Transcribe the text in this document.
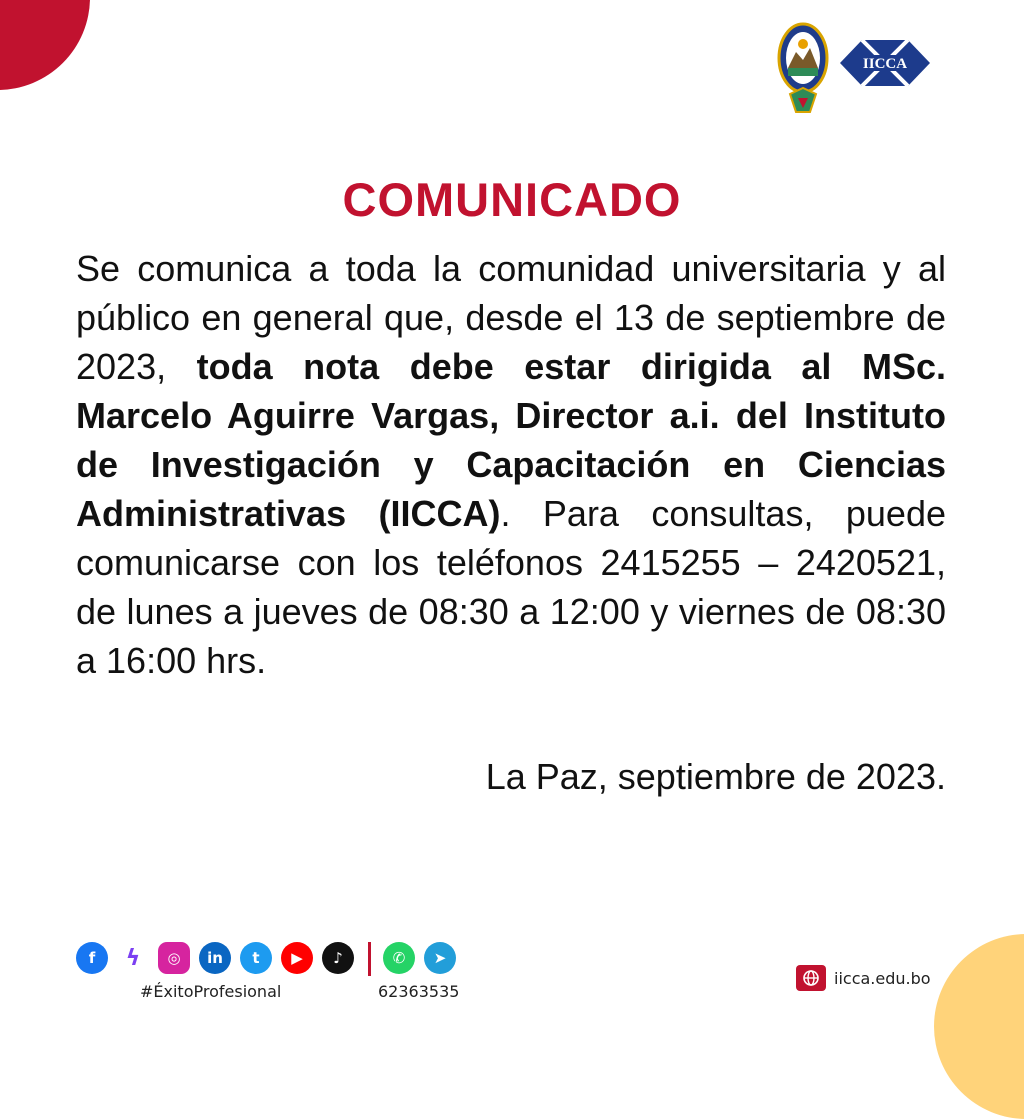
IICCA
COMUNICADO
Se comunica a toda la comunidad universitaria y al público en general que, desde el 13 de septiembre de 2023, toda nota debe estar dirigida al MSc. Marcelo Aguirre Vargas, Director a.i. del Instituto de Investigación y Capacitación en Ciencias Administrativas (IICCA). Para consultas, puede comunicarse con los teléfonos 2415255 – 2420521, de lunes a jueves de 08:30 a 12:00 y viernes de 08:30 a 16:00 hrs.
La Paz, septiembre de 2023.
f	ϟ	◎	in	t	▶	♪	✆	➤
#ÉxitoProfesional	62363535
iicca.edu.bo
